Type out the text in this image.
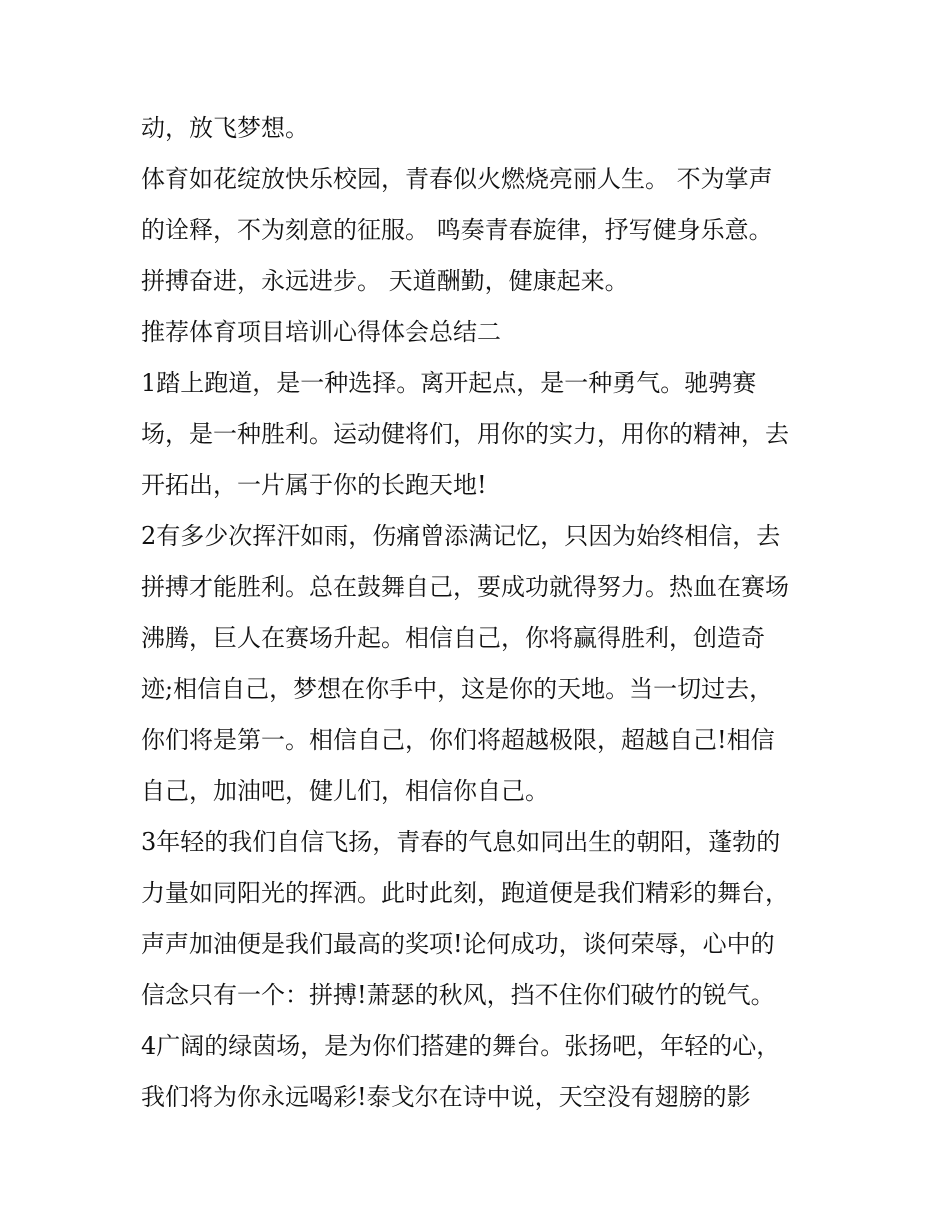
动，放飞梦想。
体育如花绽放快乐校园，青春似火燃烧亮丽人生。 不为掌声
的诠释，不为刻意的征服。 鸣奏青春旋律，抒写健身乐意。
拼搏奋进，永远进步。 天道酬勤，健康起来。
推荐体育项目培训心得体会总结二
1踏上跑道，是一种选择。离开起点，是一种勇气。驰骋赛
场，是一种胜利。运动健将们，用你的实力，用你的精神，去
开拓出，一片属于你的长跑天地!
2有多少次挥汗如雨，伤痛曾添满记忆，只因为始终相信，去
拼搏才能胜利。总在鼓舞自己，要成功就得努力。热血在赛场
沸腾，巨人在赛场升起。相信自己，你将赢得胜利，创造奇
迹;相信自己，梦想在你手中，这是你的天地。当一切过去，
你们将是第一。相信自己，你们将超越极限，超越自己!相信
自己，加油吧，健儿们，相信你自己。
3年轻的我们自信飞扬，青春的气息如同出生的朝阳，蓬勃的
力量如同阳光的挥洒。此时此刻，跑道便是我们精彩的舞台，
声声加油便是我们最高的奖项!论何成功，谈何荣辱，心中的
信念只有一个：拼搏!萧瑟的秋风，挡不住你们破竹的锐气。
4广阔的绿茵场，是为你们搭建的舞台。张扬吧，年轻的心，
我们将为你永远喝彩!泰戈尔在诗中说，天空没有翅膀的影
